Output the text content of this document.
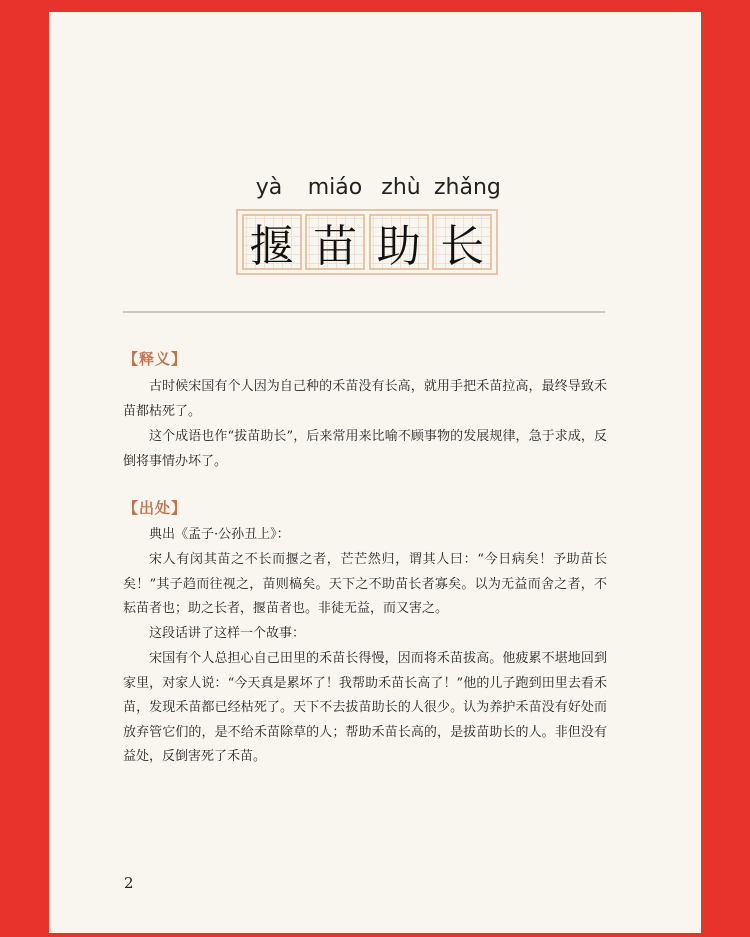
yà	miáo zhù zhǎng
揠 苗 助 长
【释义】

古时候宋国有个人因为自己种的禾苗没有长高，就用手把禾苗拉高，最终导致禾苗都枯死了。

这个成语也作“拔苗助长”，后来常用来比喻不顾事物的发展规律，急于求成，反倒将事情办坏了。

【出处】

典出《孟子·公孙丑上》：

宋人有闵其苗之不长而揠之者，芒芒然归，谓其人曰：“今日病矣！予助苗长矣！”其子趋而往视之，苗则槁矣。天下之不助苗长者寡矣。以为无益而舍之者，不耘苗者也；助之长者，揠苗者也。非徒无益，而又害之。

这段话讲了这样一个故事：

宋国有个人总担心自己田里的禾苗长得慢，因而将禾苗拔高。他疲累不堪地回到家里，对家人说：“今天真是累坏了！我帮助禾苗长高了！”他的儿子跑到田里去看禾苗，发现禾苗都已经枯死了。天下不去拔苗助长的人很少。认为养护禾苗没有好处而放弃管它们的，是不给禾苗除草的人；帮助禾苗长高的，是拔苗助长的人。非但没有益处，反倒害死了禾苗。

2
